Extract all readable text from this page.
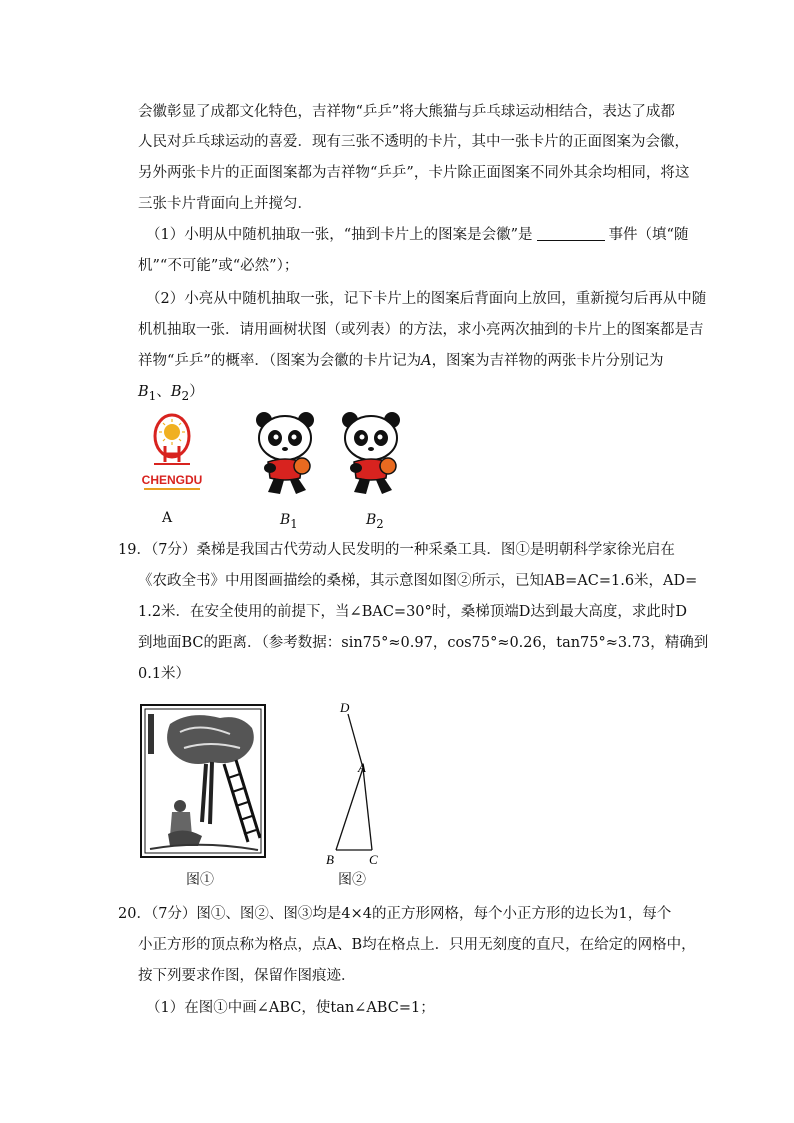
会徽彰显了成都文化特色，吉祥物“乒乒”将大熊猫与乒乓球运动相结合，表达了成都
人民对乒乓球运动的喜爱．现有三张不透明的卡片，其中一张卡片的正面图案为会徽，
另外两张卡片的正面图案都为吉祥物“乒乒”，卡片除正面图案不同外其余均相同，将这
三张卡片背面向上并搅匀．
（1）小明从中随机抽取一张，“抽到卡片上的图案是会徽”是	事件（填“随
机”“不可能”或“必然”）；
（2）小亮从中随机抽取一张，记下卡片上的图案后背面向上放回，重新搅匀后再从中随
机机抽取一张．请用画树状图（或列表）的方法，求小亮两次抽到的卡片上的图案都是吉
祥物“乒乒”的概率．（图案为会徽的卡片记为A，图案为吉祥物的两张卡片分别记为
$B_1$、$B_2$）
CHENGDU
A	$B_1$	$B_2$
19．（7分）桑梯是我国古代劳动人民发明的一种采桑工具．图①是明朝科学家徐光启在
《农政全书》中用图画描绘的桑梯，其示意图如图②所示，已知AB=AC=1.6米，AD=
1.2米．在安全使用的前提下，当∠BAC=30°时，桑梯顶端D达到最大高度，求此时D
到地面BC的距离．（参考数据：sin75°≈0.97，cos75°≈0.26，tan75°≈3.73，精确到
0.1米）
图①
D
A
B	C
图②
20．（7分）图①、图②、图③均是4×4的正方形网格，每个小正方形的边长为1，每个
小正方形的顶点称为格点，点A、B均在格点上．只用无刻度的直尺，在给定的网格中，
按下列要求作图，保留作图痕迹．
（1）在图①中画∠ABC，使tan∠ABC=1；
